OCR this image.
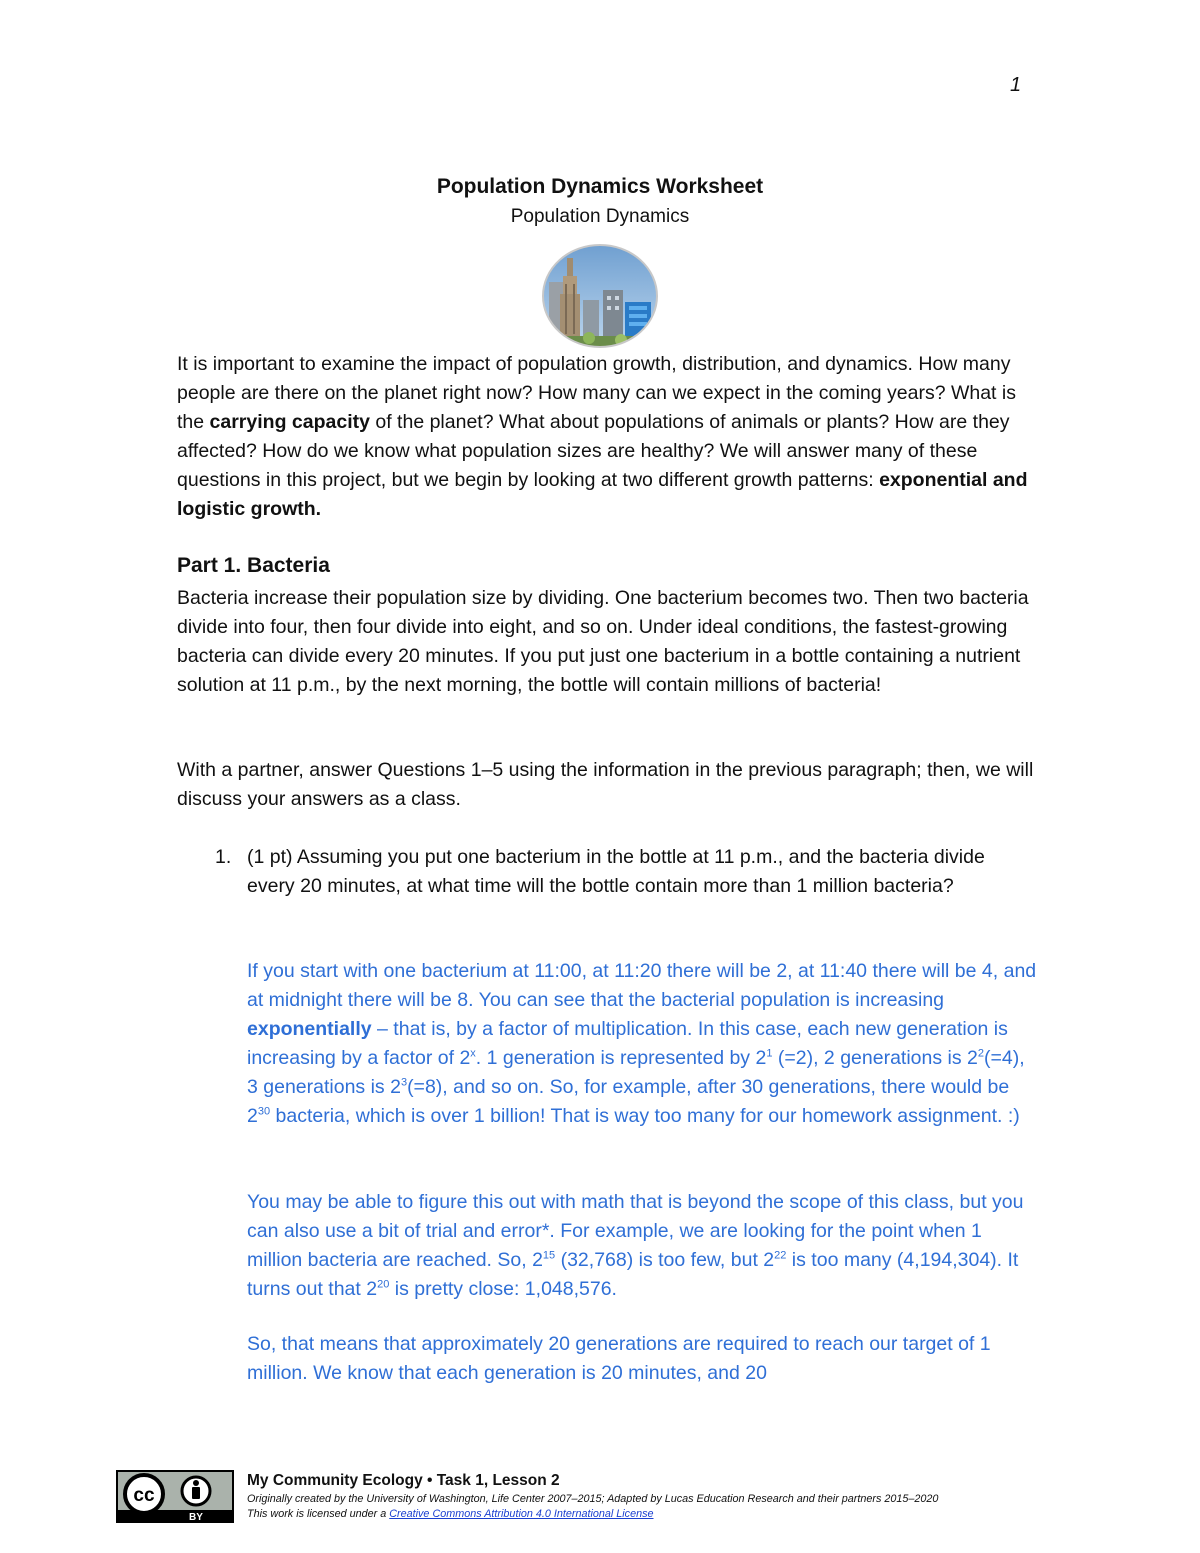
1
Population Dynamics Worksheet
Population Dynamics
It is important to examine the impact of population growth, distribution, and dynamics. How many people are there on the planet right now? How many can we expect in the coming years? What is the carrying capacity of the planet? What about populations of animals or plants? How are they affected? How do we know what population sizes are healthy? We will answer many of these questions in this project, but we begin by looking at two different growth patterns: exponential and logistic growth.
Part 1. Bacteria
Bacteria increase their population size by dividing. One bacterium becomes two. Then two bacteria divide into four, then four divide into eight, and so on. Under ideal conditions, the fastest-growing bacteria can divide every 20 minutes. If you put just one bacterium in a bottle containing a nutrient solution at 11 p.m., by the next morning, the bottle will contain millions of bacteria!
With a partner, answer Questions 1–5 using the information in the previous paragraph; then, we will discuss your answers as a class.
1. (1 pt) Assuming you put one bacterium in the bottle at 11 p.m., and the bacteria divide every 20 minutes, at what time will the bottle contain more than 1 million bacteria?
If you start with one bacterium at 11:00, at 11:20 there will be 2, at 11:40 there will be 4, and at midnight there will be 8. You can see that the bacterial population is increasing exponentially – that is, by a factor of multiplication. In this case, each new generation is increasing by a factor of 2$^x$. 1 generation is represented by $2^1$ (=2), 2 generations is $2^2(=4)$, 3 generations is $2^3(=8)$, and so on. So, for example, after 30 generations, there would be $2^{30}$ bacteria, which is over 1 billion! That is way too many for our homework assignment. :)
You may be able to figure this out with math that is beyond the scope of this class, but you can also use a bit of trial and error*. For example, we are looking for the point when 1 million bacteria are reached. So, $2^{15}$ (32,768) is too few, but $2^{22}$ is too many (4,194,304). It turns out that $2^{20}$ is pretty close: 1,048,576.
So, that means that approximately 20 generations are required to reach our target of 1 million. We know that each generation is 20 minutes, and 20
cc
BY
My Community Ecology • Task 1, Lesson 2
Originally created by the University of Washington, Life Center 2007–2015; Adapted by Lucas Education Research and their partners 2015–2020
This work is licensed under a Creative Commons Attribution 4.0 International License
